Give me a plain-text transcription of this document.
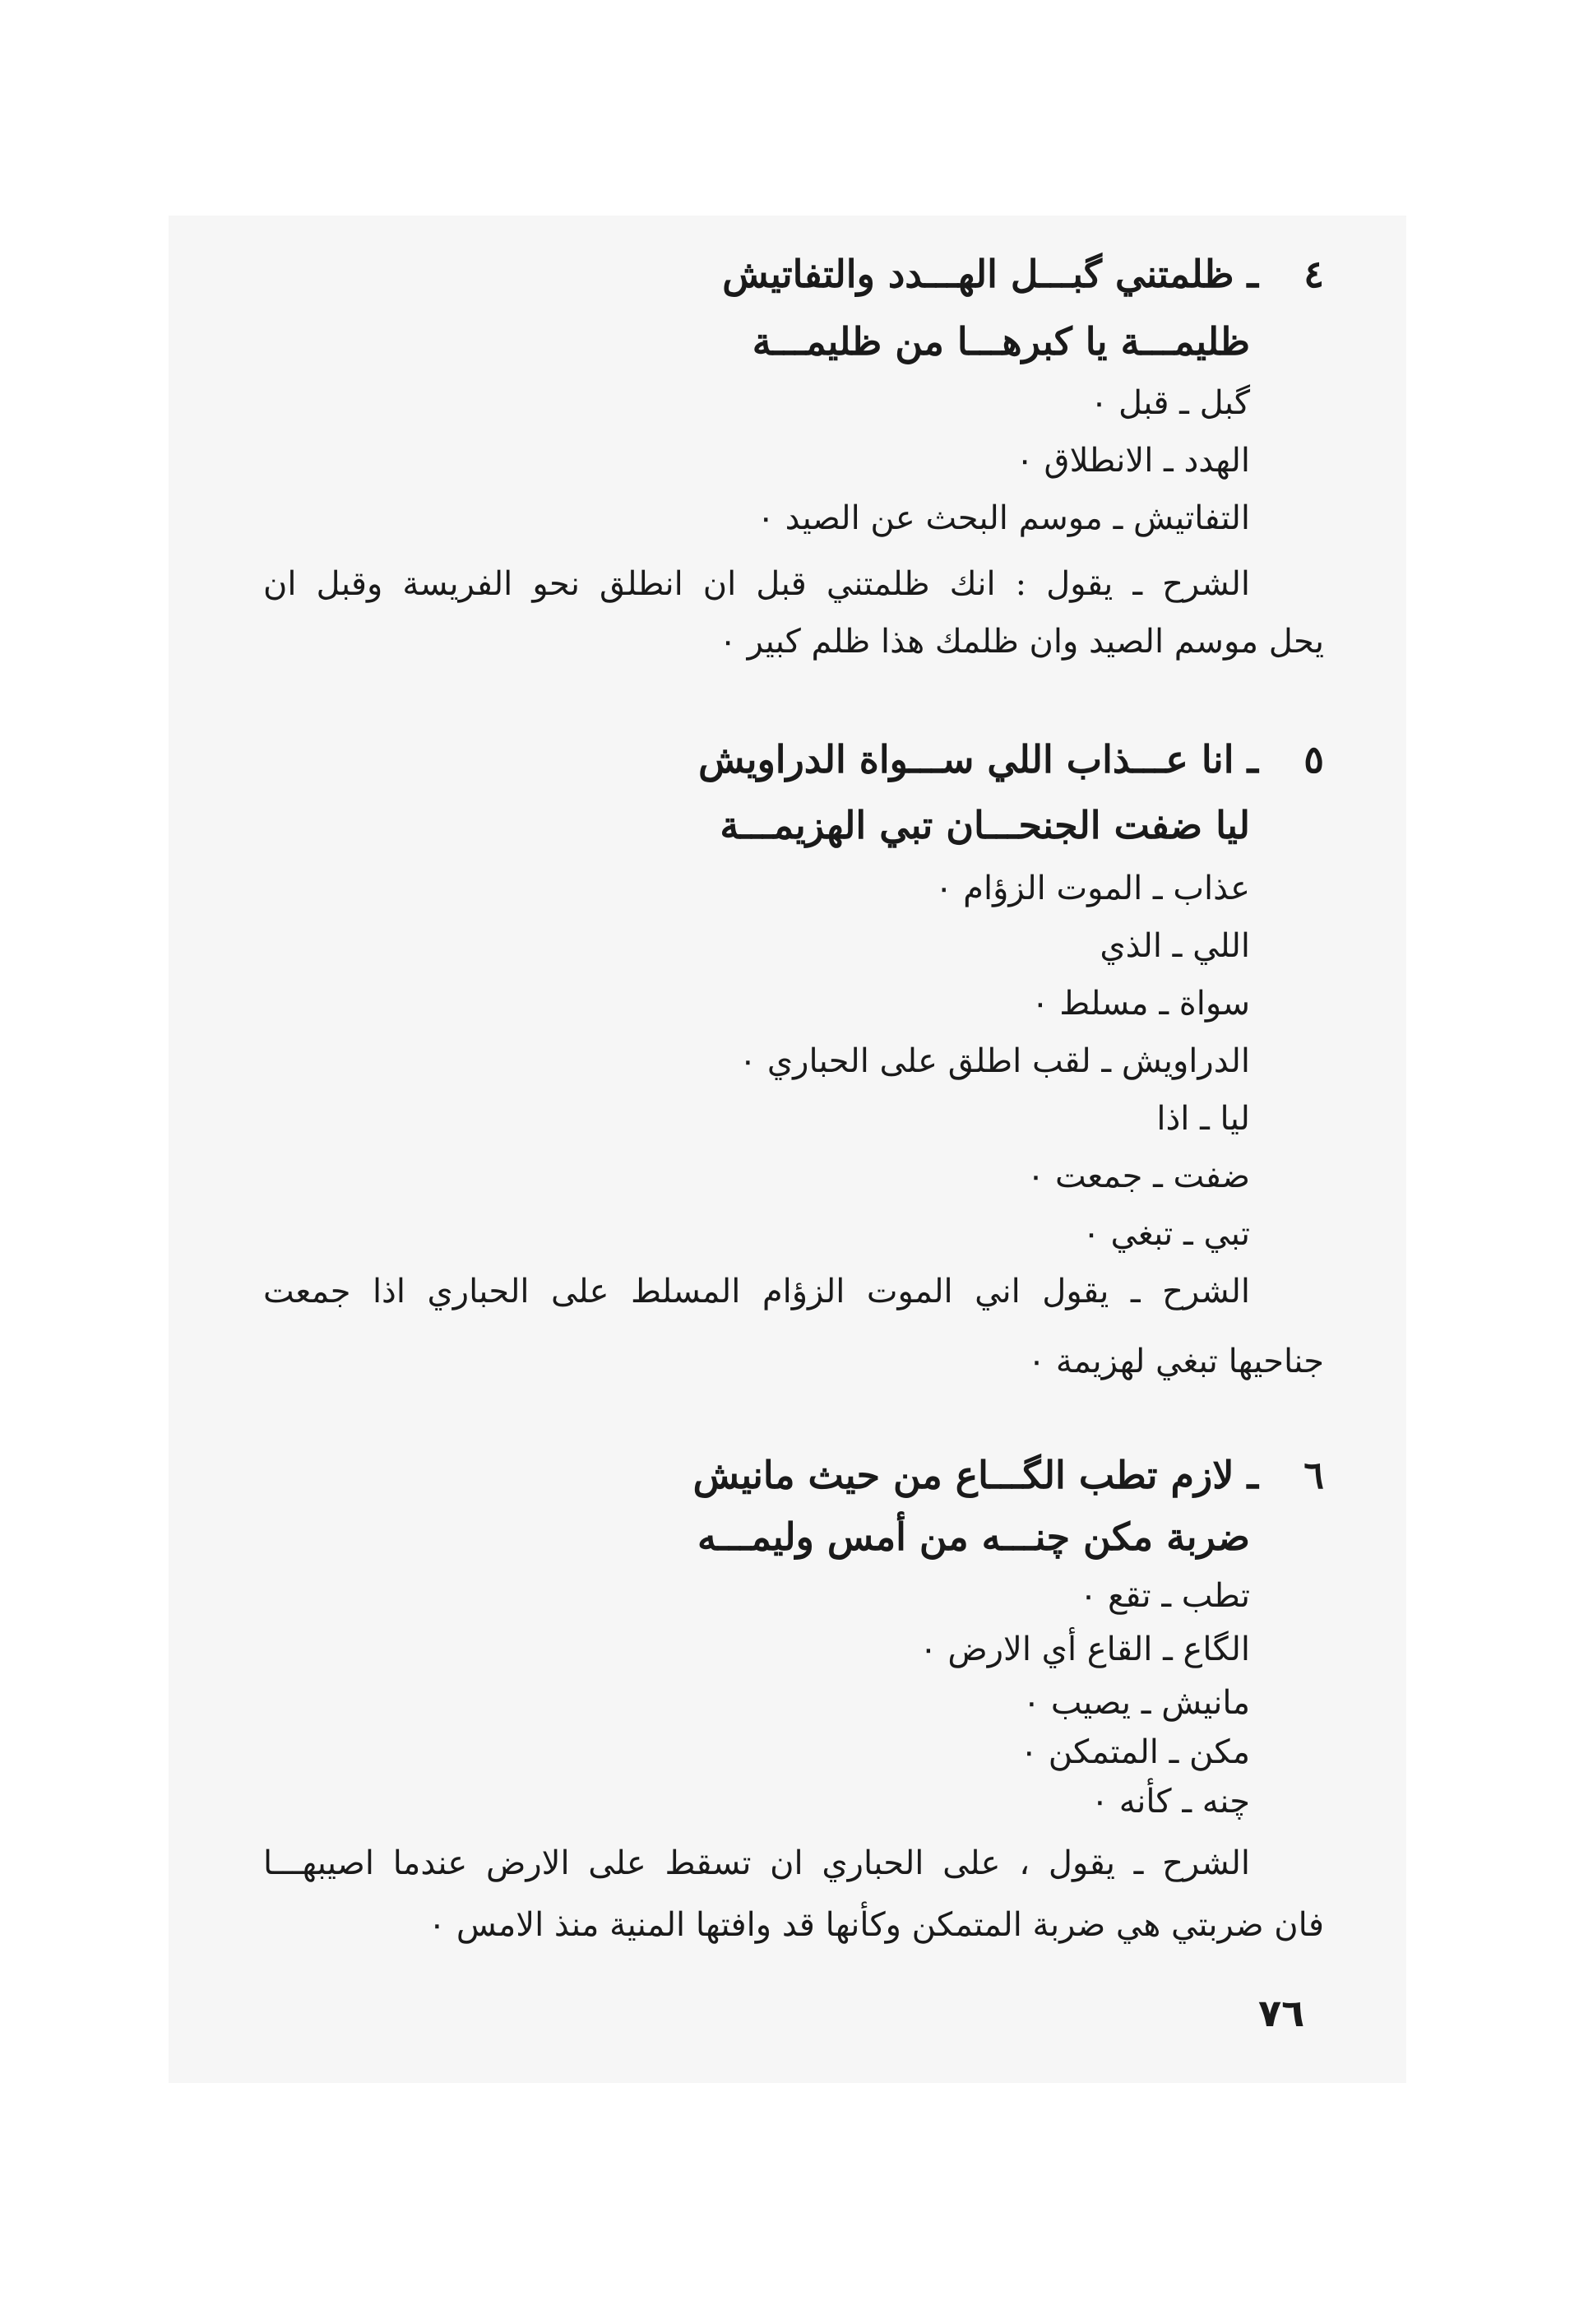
٤ـ ظلمتني گبـــل الهـــدد والتفاتيش
ظليمـــة يا كبرهـــا من ظليمـــة
گبل ـ قبل ٠
الهدد ـ الانطلاق ٠
التفاتيش ـ موسم البحث عن الصيد ٠
الشرح ـ يقول : انك ظلمتني قبل ان انطلق نحو الفريسة وقبل ان
يحل موسم الصيد وان ظلمك هذا ظلم كبير ٠
٥ـ انا عـــذاب اللي ســـواة الدراويش
ليا ضفت الجنحـــان تبي الهزيمـــة
عذاب ـ الموت الزؤام ٠
اللي ـ الذي
سواة ـ مسلط ٠
الدراويش ـ لقب اطلق على الحباري ٠
ليا ـ اذا
ضفت ـ جمعت ٠
تبي ـ تبغي ٠
الشرح ـ يقول اني الموت الزؤام المسلط على الحباري اذا جمعت
جناحيها تبغي لهزيمة ٠
٦ـ لازم تطب الگـــاع من حيث مانيش
ضربة مكن چنـــه من أمس وليمـــه
تطب ـ تقع ٠
الگاع ـ القاع أي الارض ٠
مانيش ـ يصيب ٠
مكن ـ المتمكن ٠
چنه ـ كأنه ٠
الشرح ـ يقول ، على الحباري ان تسقط على الارض عندما اصيبهـــا
فان ضربتي هي ضربة المتمكن وكأنها قد وافتها المنية منذ الامس ٠
٧٦
